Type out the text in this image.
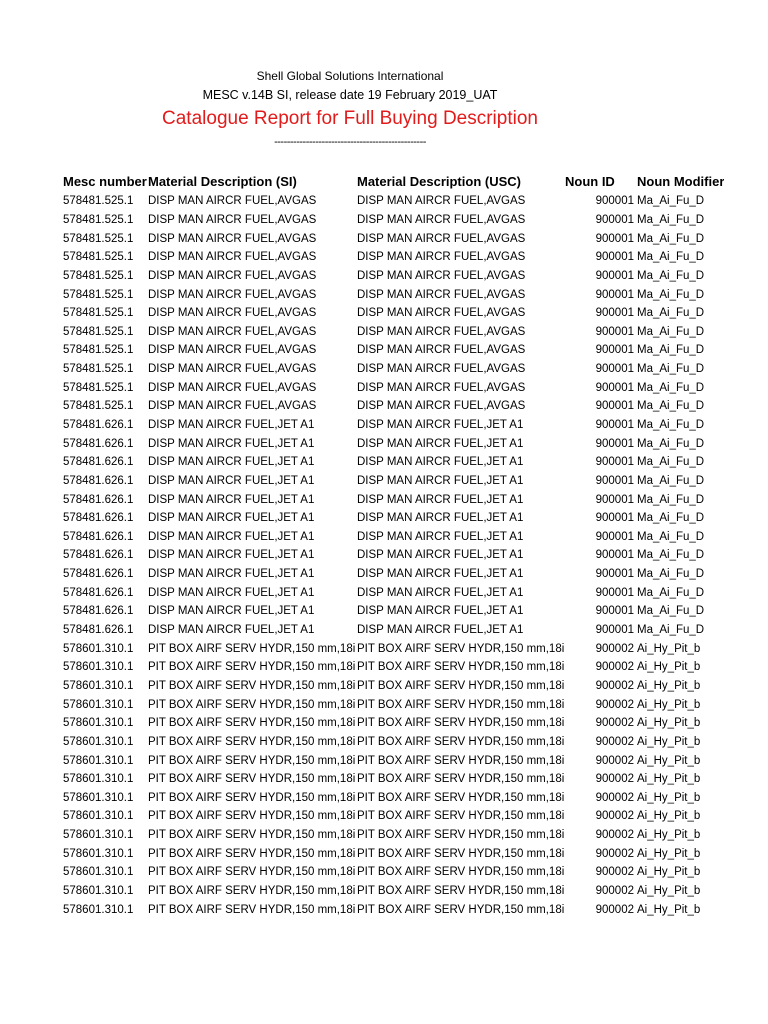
Shell Global Solutions International
MESC v.14B SI, release date 19 February 2019_UAT
Catalogue Report for Full Buying Description
------------------------------------------------
Mesc number	Material Description (SI)	Material Description (USC)	Noun ID	Noun Modifier
578481.525.1	DISP MAN AIRCR FUEL,AVGAS	DISP MAN AIRCR FUEL,AVGAS	900001	Ma_Ai_Fu_D
578481.525.1	DISP MAN AIRCR FUEL,AVGAS	DISP MAN AIRCR FUEL,AVGAS	900001	Ma_Ai_Fu_D
578481.525.1	DISP MAN AIRCR FUEL,AVGAS	DISP MAN AIRCR FUEL,AVGAS	900001	Ma_Ai_Fu_D
578481.525.1	DISP MAN AIRCR FUEL,AVGAS	DISP MAN AIRCR FUEL,AVGAS	900001	Ma_Ai_Fu_D
578481.525.1	DISP MAN AIRCR FUEL,AVGAS	DISP MAN AIRCR FUEL,AVGAS	900001	Ma_Ai_Fu_D
578481.525.1	DISP MAN AIRCR FUEL,AVGAS	DISP MAN AIRCR FUEL,AVGAS	900001	Ma_Ai_Fu_D
578481.525.1	DISP MAN AIRCR FUEL,AVGAS	DISP MAN AIRCR FUEL,AVGAS	900001	Ma_Ai_Fu_D
578481.525.1	DISP MAN AIRCR FUEL,AVGAS	DISP MAN AIRCR FUEL,AVGAS	900001	Ma_Ai_Fu_D
578481.525.1	DISP MAN AIRCR FUEL,AVGAS	DISP MAN AIRCR FUEL,AVGAS	900001	Ma_Ai_Fu_D
578481.525.1	DISP MAN AIRCR FUEL,AVGAS	DISP MAN AIRCR FUEL,AVGAS	900001	Ma_Ai_Fu_D
578481.525.1	DISP MAN AIRCR FUEL,AVGAS	DISP MAN AIRCR FUEL,AVGAS	900001	Ma_Ai_Fu_D
578481.525.1	DISP MAN AIRCR FUEL,AVGAS	DISP MAN AIRCR FUEL,AVGAS	900001	Ma_Ai_Fu_D
578481.626.1	DISP MAN AIRCR FUEL,JET A1	DISP MAN AIRCR FUEL,JET A1	900001	Ma_Ai_Fu_D
578481.626.1	DISP MAN AIRCR FUEL,JET A1	DISP MAN AIRCR FUEL,JET A1	900001	Ma_Ai_Fu_D
578481.626.1	DISP MAN AIRCR FUEL,JET A1	DISP MAN AIRCR FUEL,JET A1	900001	Ma_Ai_Fu_D
578481.626.1	DISP MAN AIRCR FUEL,JET A1	DISP MAN AIRCR FUEL,JET A1	900001	Ma_Ai_Fu_D
578481.626.1	DISP MAN AIRCR FUEL,JET A1	DISP MAN AIRCR FUEL,JET A1	900001	Ma_Ai_Fu_D
578481.626.1	DISP MAN AIRCR FUEL,JET A1	DISP MAN AIRCR FUEL,JET A1	900001	Ma_Ai_Fu_D
578481.626.1	DISP MAN AIRCR FUEL,JET A1	DISP MAN AIRCR FUEL,JET A1	900001	Ma_Ai_Fu_D
578481.626.1	DISP MAN AIRCR FUEL,JET A1	DISP MAN AIRCR FUEL,JET A1	900001	Ma_Ai_Fu_D
578481.626.1	DISP MAN AIRCR FUEL,JET A1	DISP MAN AIRCR FUEL,JET A1	900001	Ma_Ai_Fu_D
578481.626.1	DISP MAN AIRCR FUEL,JET A1	DISP MAN AIRCR FUEL,JET A1	900001	Ma_Ai_Fu_D
578481.626.1	DISP MAN AIRCR FUEL,JET A1	DISP MAN AIRCR FUEL,JET A1	900001	Ma_Ai_Fu_D
578481.626.1	DISP MAN AIRCR FUEL,JET A1	DISP MAN AIRCR FUEL,JET A1	900001	Ma_Ai_Fu_D
578601.310.1	PIT BOX AIRF SERV HYDR,150 mm,18i	PIT BOX AIRF SERV HYDR,150 mm,18i	900002	Ai_Hy_Pit_b
578601.310.1	PIT BOX AIRF SERV HYDR,150 mm,18i	PIT BOX AIRF SERV HYDR,150 mm,18i	900002	Ai_Hy_Pit_b
578601.310.1	PIT BOX AIRF SERV HYDR,150 mm,18i	PIT BOX AIRF SERV HYDR,150 mm,18i	900002	Ai_Hy_Pit_b
578601.310.1	PIT BOX AIRF SERV HYDR,150 mm,18i	PIT BOX AIRF SERV HYDR,150 mm,18i	900002	Ai_Hy_Pit_b
578601.310.1	PIT BOX AIRF SERV HYDR,150 mm,18i	PIT BOX AIRF SERV HYDR,150 mm,18i	900002	Ai_Hy_Pit_b
578601.310.1	PIT BOX AIRF SERV HYDR,150 mm,18i	PIT BOX AIRF SERV HYDR,150 mm,18i	900002	Ai_Hy_Pit_b
578601.310.1	PIT BOX AIRF SERV HYDR,150 mm,18i	PIT BOX AIRF SERV HYDR,150 mm,18i	900002	Ai_Hy_Pit_b
578601.310.1	PIT BOX AIRF SERV HYDR,150 mm,18i	PIT BOX AIRF SERV HYDR,150 mm,18i	900002	Ai_Hy_Pit_b
578601.310.1	PIT BOX AIRF SERV HYDR,150 mm,18i	PIT BOX AIRF SERV HYDR,150 mm,18i	900002	Ai_Hy_Pit_b
578601.310.1	PIT BOX AIRF SERV HYDR,150 mm,18i	PIT BOX AIRF SERV HYDR,150 mm,18i	900002	Ai_Hy_Pit_b
578601.310.1	PIT BOX AIRF SERV HYDR,150 mm,18i	PIT BOX AIRF SERV HYDR,150 mm,18i	900002	Ai_Hy_Pit_b
578601.310.1	PIT BOX AIRF SERV HYDR,150 mm,18i	PIT BOX AIRF SERV HYDR,150 mm,18i	900002	Ai_Hy_Pit_b
578601.310.1	PIT BOX AIRF SERV HYDR,150 mm,18i	PIT BOX AIRF SERV HYDR,150 mm,18i	900002	Ai_Hy_Pit_b
578601.310.1	PIT BOX AIRF SERV HYDR,150 mm,18i	PIT BOX AIRF SERV HYDR,150 mm,18i	900002	Ai_Hy_Pit_b
578601.310.1	PIT BOX AIRF SERV HYDR,150 mm,18i	PIT BOX AIRF SERV HYDR,150 mm,18i	900002	Ai_Hy_Pit_b
